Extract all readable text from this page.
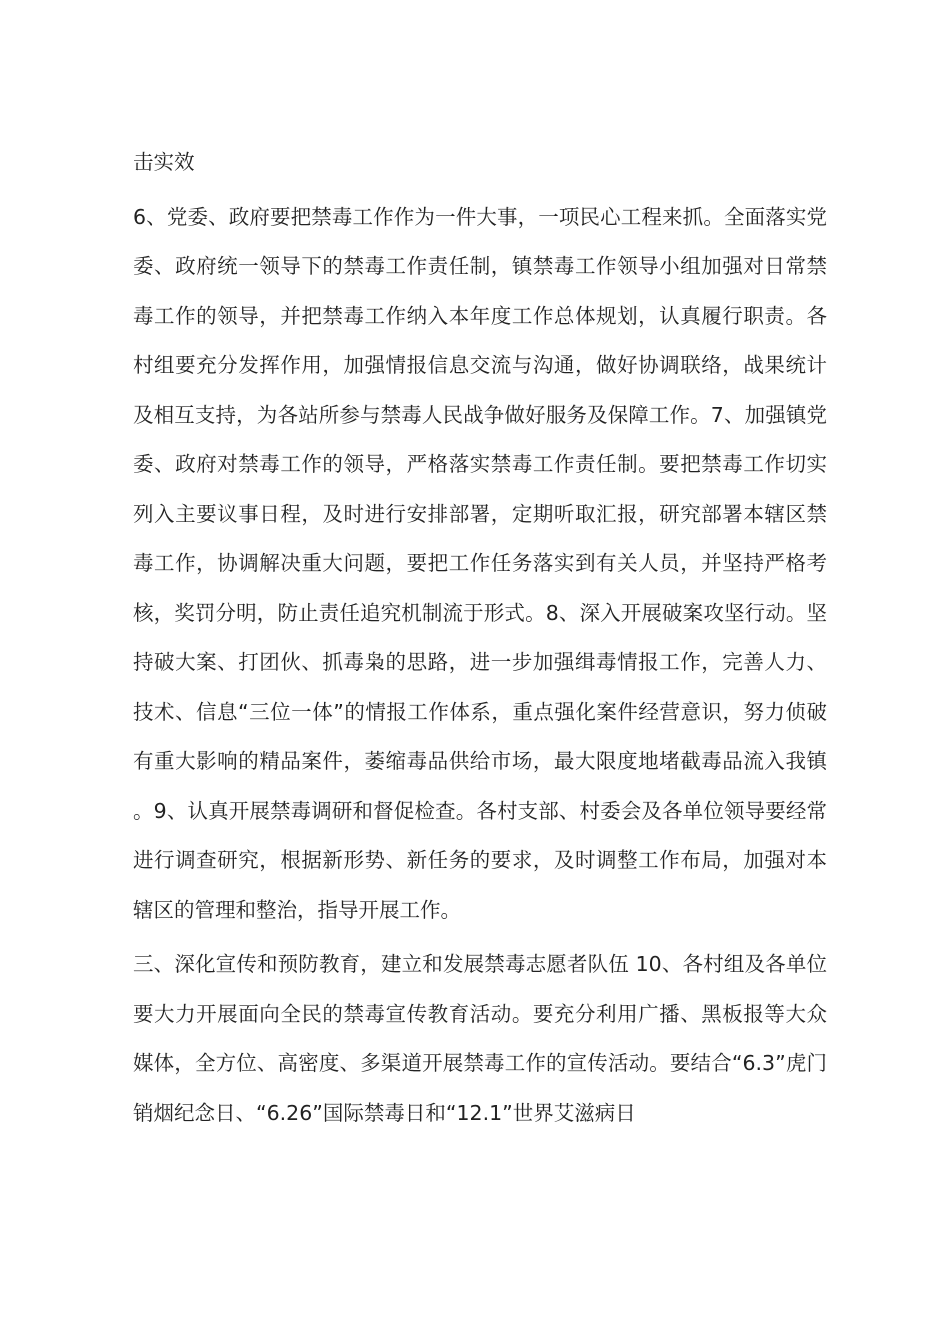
击实效

6、党委、政府要把禁毒工作作为一件大事，一项民心工程来抓。全面落实党委、政府统一领导下的禁毒工作责任制，镇禁毒工作领导小组加强对日常禁毒工作的领导，并把禁毒工作纳入本年度工作总体规划，认真履行职责。各村组要充分发挥作用，加强情报信息交流与沟通，做好协调联络，战果统计及相互支持，为各站所参与禁毒人民战争做好服务及保障工作。7、加强镇党委、政府对禁毒工作的领导，严格落实禁毒工作责任制。要把禁毒工作切实列入主要议事日程，及时进行安排部署，定期听取汇报，研究部署本辖区禁毒工作，协调解决重大问题，要把工作任务落实到有关人员，并坚持严格考核，奖罚分明，防止责任追究机制流于形式。8、深入开展破案攻坚行动。坚持破大案、打团伙、抓毒枭的思路，进一步加强缉毒情报工作，完善人力、技术、信息“三位一体”的情报工作体系，重点强化案件经营意识，努力侦破有重大影响的精品案件，萎缩毒品供给市场，最大限度地堵截毒品流入我镇。9、认真开展禁毒调研和督促检查。各村支部、村委会及各单位领导要经常进行调查研究，根据新形势、新任务的要求，及时调整工作布局，加强对本辖区的管理和整治，指导开展工作。

三、深化宣传和预防教育，建立和发展禁毒志愿者队伍 10、各村组及各单位要大力开展面向全民的禁毒宣传教育活动。要充分利用广播、黑板报等大众媒体，全方位、高密度、多渠道开展禁毒工作的宣传活动。要结合“6.3”虎门销烟纪念日、“6.26”国际禁毒日和“12.1”世界艾滋病日
